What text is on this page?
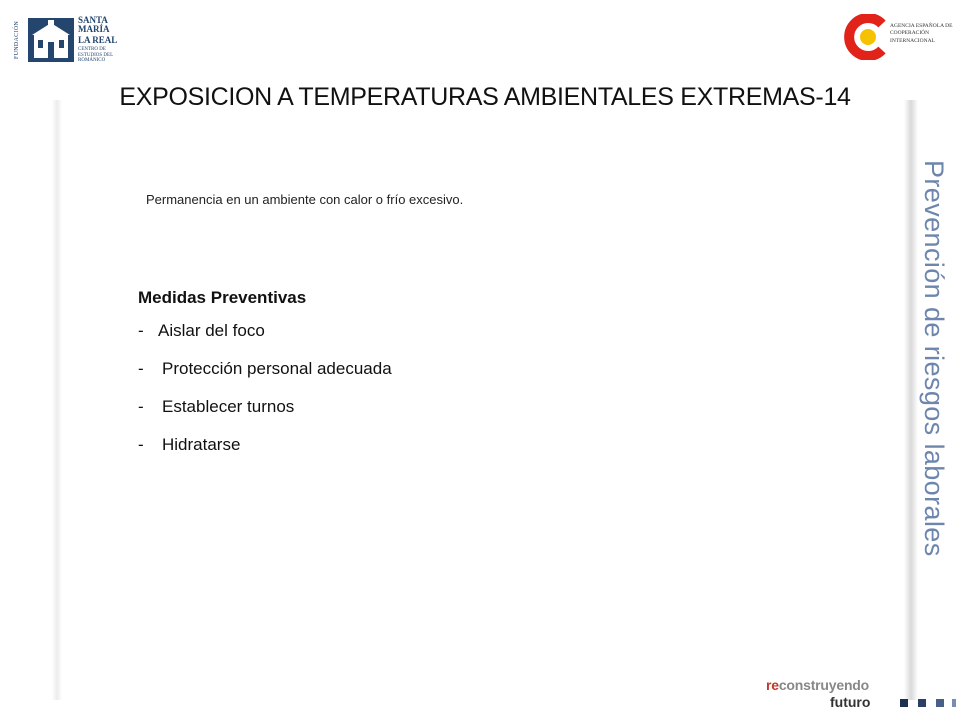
FUNDACIÓN
SANTA MARÍA
LA REAL
CENTRO DE ESTUDIOS DEL ROMÁNICO
AGENCIA ESPAÑOLA DE COOPERACIÓN INTERNACIONAL
EXPOSICION A TEMPERATURAS AMBIENTALES EXTREMAS-14
Permanencia en un ambiente con calor o frío excesivo.
Medidas Preventivas
- Aislar del foco
- Protección personal adecuada
- Establecer turnos
- Hidratarse	Prevención de riesgos laborales
reconstruyendo
futuro
